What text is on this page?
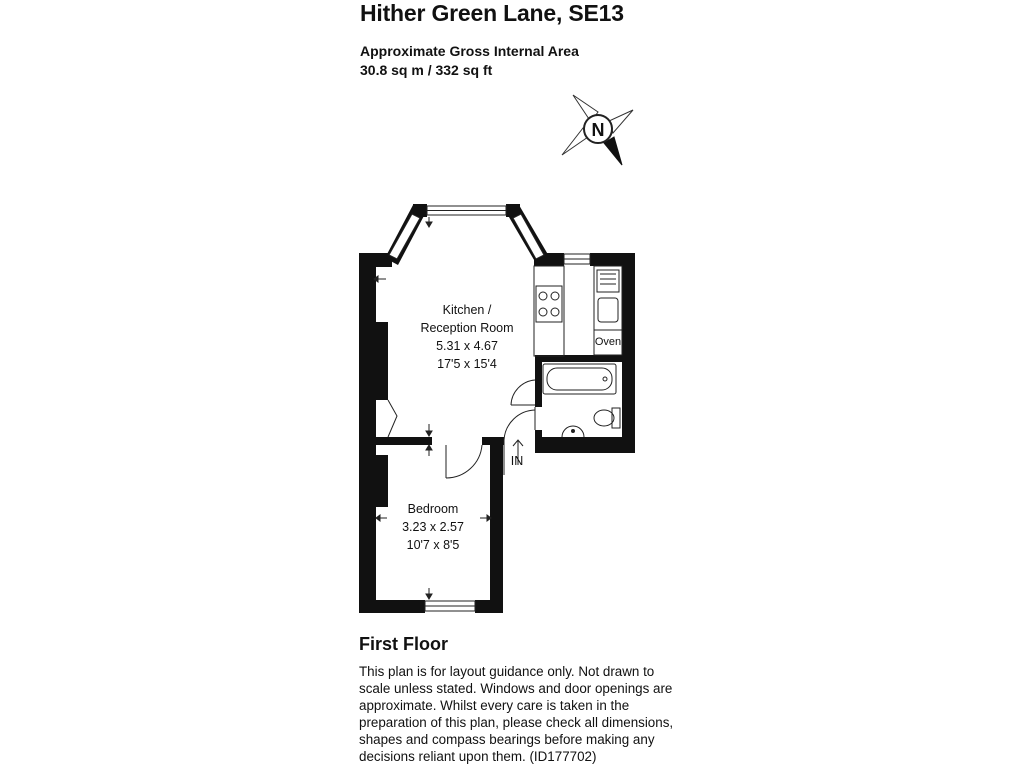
Hither Green Lane, SE13
Approximate Gross Internal Area
30.8 sq m / 332 sq ft
N
Oven
IN
Kitchen /
Reception Room
5.31 x 4.67
17'5 x 15'4
Bedroom
3.23 x 2.57
10'7 x 8'5
First Floor
This plan is for layout guidance only. Not drawn to scale unless stated. Windows and door openings are approximate. Whilst every care is taken in the preparation of this plan, please check all dimensions, shapes and compass bearings before making any decisions reliant upon them. (ID177702)
